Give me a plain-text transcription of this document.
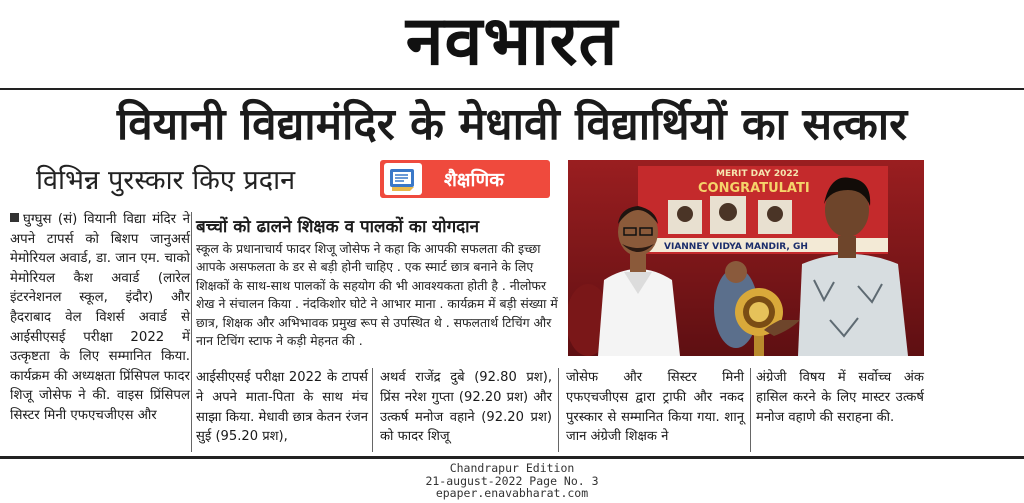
नवभारत
वियानी विद्यामंदिर के मेधावी विद्यार्थियों का सत्कार
विभिन्न पुरस्कार किए प्रदान	शैक्षणिक
घुग्घुस (सं) वियानी विद्या मंदिर ने अपने टापर्स को बिशप जानुअर्स मेमोरियल अवार्ड, डा. जान एम. चाको मेमोरियल कैश अवार्ड (लारेल इंटरनेशनल स्कूल, इंदौर) और हैदराबाद वेल विशर्स अवार्ड से आईसीएसई परीक्षा 2022 में उत्कृष्टता के लिए सम्मानित किया. कार्यक्रम की अध्यक्षता प्रिंसिपल फादर शिजू जोसेफ ने की. वाइस प्रिंसिपल सिस्टर मिनी एफएचजीएस और
बच्चों को ढालने शिक्षक व पालकों का योगदान
स्कूल के प्रधानाचार्य फादर शिजू जोसेफ ने कहा कि आपकी सफलता की इच्छा आपके असफलता के डर से बड़ी होनी चाहिए . एक स्मार्ट छात्र बनाने के लिए शिक्षकों के साथ-साथ पालकों के सहयोग की भी आवश्यकता होती है . नीलोफर शेख ने संचालन किया . नंदकिशोर घोटे ने आभार माना . कार्यक्रम में बड़ी संख्या में छात्र, शिक्षक और अभिभावक प्रमुख रूप से उपस्थित थे . सफलतार्थ टिचिंग और नान टिचिंग स्टाफ ने कड़ी मेहनत की .
MERIT DAY 2022
CONGRATULATI
VIANNEY VIDYA MANDIR, GH
आईसीएसई परीक्षा 2022 के टापर्स ने अपने माता-पिता के साथ मंच साझा किया. मेधावी छात्र केतन रंजन सुई (95.20 प्रश),
अथर्व राजेंद्र दुबे (92.80 प्रश), प्रिंस नरेश गुप्ता (92.20 प्रश) और उत्कर्ष मनोज वहाने (92.20 प्रश) को फादर शिजू
जोसेफ और सिस्टर मिनी एफएचजीएस द्वारा ट्राफी और नकद पुरस्कार से सम्मानित किया गया. शानू जान अंग्रेजी शिक्षक ने
अंग्रेजी विषय में सर्वोच्च अंक हासिल करने के लिए मास्टर उत्कर्ष मनोज वहाणे की सराहना की.
Chandrapur Edition
21-august-2022 Page No. 3
epaper.enavabharat.com
